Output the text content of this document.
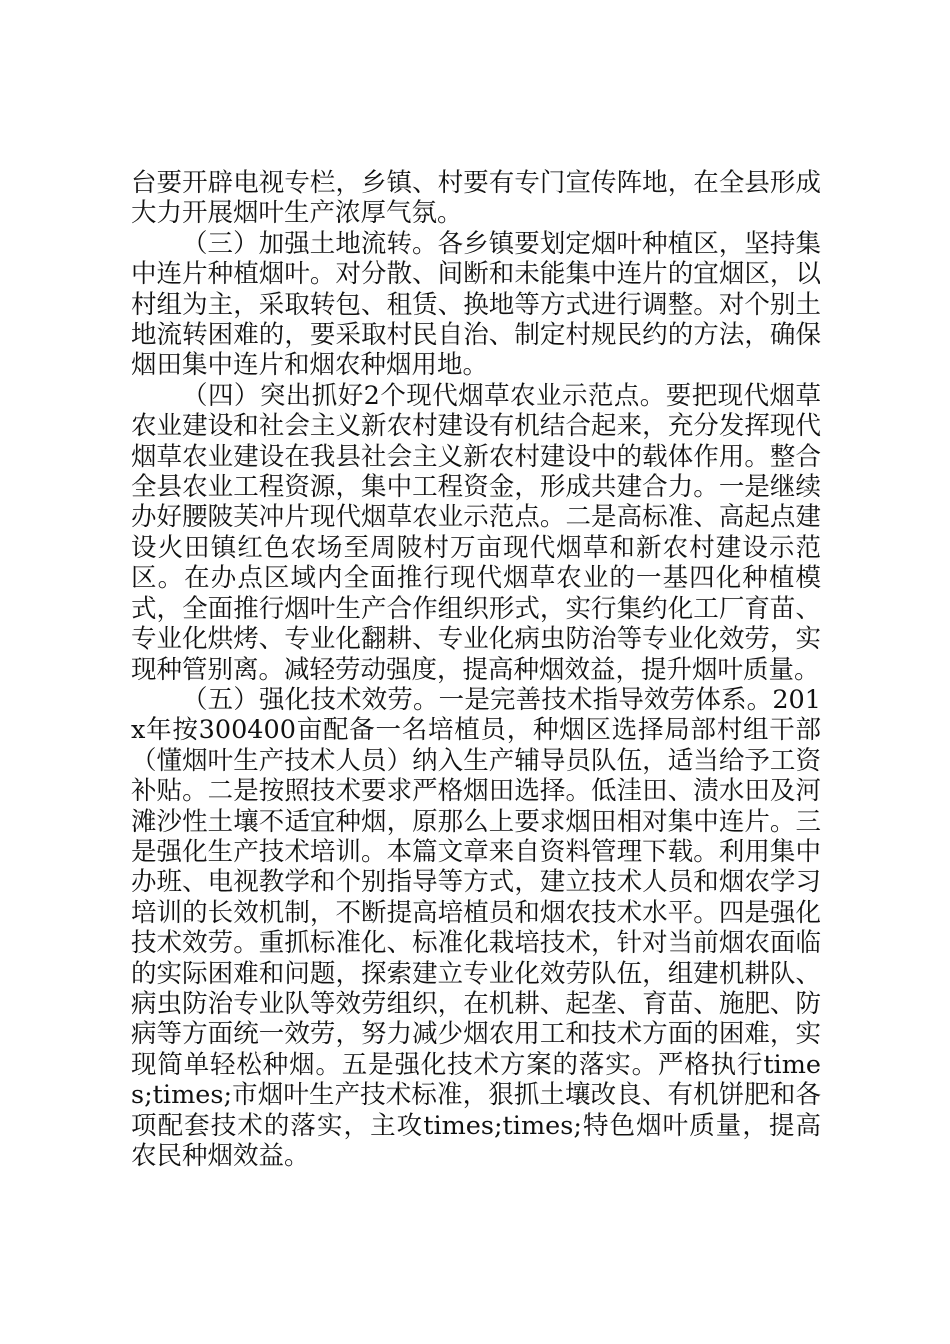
台要开辟电视专栏，乡镇、村要有专门宣传阵地，在全县形成大力开展烟叶生产浓厚气氛。

（三）加强土地流转。各乡镇要划定烟叶种植区，坚持集中连片种植烟叶。对分散、间断和未能集中连片的宜烟区，以村组为主，采取转包、租赁、换地等方式进行调整。对个别土地流转困难的，要采取村民自治、制定村规民约的方法，确保烟田集中连片和烟农种烟用地。

（四）突出抓好2个现代烟草农业示范点。要把现代烟草农业建设和社会主义新农村建设有机结合起来，充分发挥现代烟草农业建设在我县社会主义新农村建设中的载体作用。整合全县农业工程资源，集中工程资金，形成共建合力。一是继续办好腰陂芙冲片现代烟草农业示范点。二是高标准、高起点建设火田镇红色农场至周陂村万亩现代烟草和新农村建设示范区。在办点区域内全面推行现代烟草农业的一基四化种植模式，全面推行烟叶生产合作组织形式，实行集约化工厂育苗、专业化烘烤、专业化翻耕、专业化病虫防治等专业化效劳，实现种管别离。减轻劳动强度，提高种烟效益，提升烟叶质量。

（五）强化技术效劳。一是完善技术指导效劳体系。201x年按300400亩配备一名培植员，种烟区选择局部村组干部（懂烟叶生产技术人员）纳入生产辅导员队伍，适当给予工资补贴。二是按照技术要求严格烟田选择。低洼田、渍水田及河滩沙性土壤不适宜种烟，原那么上要求烟田相对集中连片。三是强化生产技术培训。本篇文章来自资料管理下载。利用集中办班、电视教学和个别指导等方式，建立技术人员和烟农学习培训的长效机制，不断提高培植员和烟农技术水平。四是强化技术效劳。重抓标准化、标准化栽培技术，针对当前烟农面临的实际困难和问题，探索建立专业化效劳队伍，组建机耕队、病虫防治专业队等效劳组织，在机耕、起垄、育苗、施肥、防病等方面统一效劳，努力减少烟农用工和技术方面的困难，实现简单轻松种烟。五是强化技术方案的落实。严格执行times;times;市烟叶生产技术标准，狠抓土壤改良、有机饼肥和各项配套技术的落实，主攻times;times;特色烟叶质量，提高农民种烟效益。
